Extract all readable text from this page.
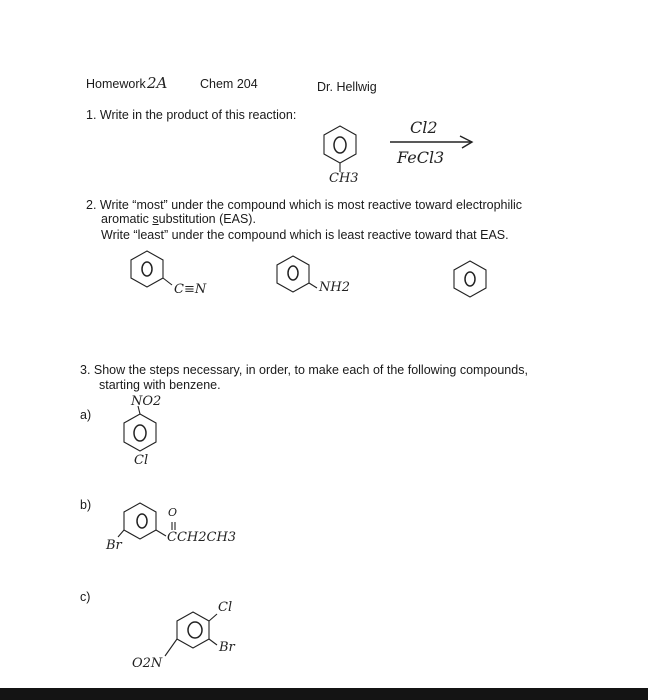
Homework 2A	Chem 204	Dr. Hellwig
1. Write in the product of this reaction:
CH3
Cl2
FeCl3
2. Write “most” under the compound which is most reactive toward electrophilic
aromatic substitution (EAS).
Write “least” under the compound which is least reactive toward that EAS.
C≡N	NH2
3. Show the steps necessary, in order, to make each of the following compounds,
starting with benzene.
a)
NO2
Cl
b)
Br
O
CCH2CH3
c)
Cl
Br
O2N
